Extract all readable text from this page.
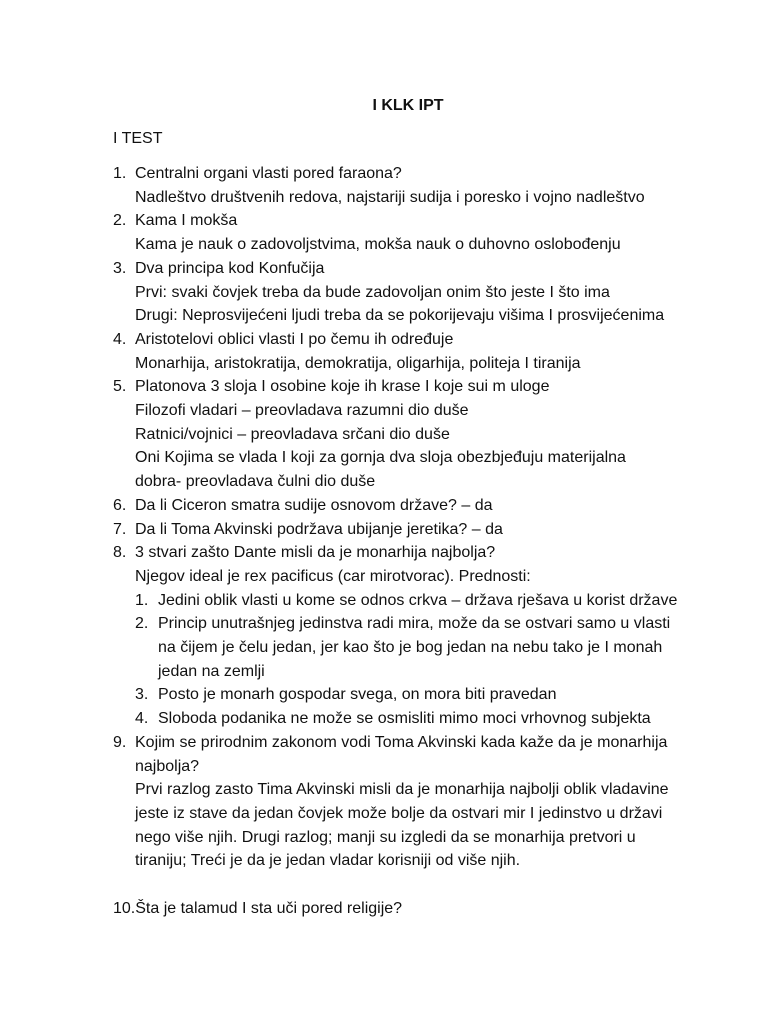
I KLK IPT
I TEST
1. Centralni organi vlasti pored faraona?
Nadleštvo društvenih redova, najstariji sudija i poresko i vojno nadleštvo
2. Kama I mokša
Kama je nauk o zadovoljstvima, mokša nauk o duhovno oslobođenju
3. Dva principa kod Konfučija
Prvi: svaki čovjek treba da bude zadovoljan onim što jeste I što ima
Drugi: Neprosvijećeni ljudi treba da se pokorijevaju višima I prosvijećenima
4. Aristotelovi oblici vlasti I po čemu ih određuje
Monarhija, aristokratija, demokratija, oligarhija, politeja I tiranija
5. Platonova 3 sloja I osobine koje ih krase I koje sui m uloge
Filozofi vladari – preovladava razumni dio duše
Ratnici/vojnici – preovladava srčani dio duše
Oni Kojima se vlada I koji za gornja dva sloja obezbjeđuju materijalna
dobra- preovladava čulni dio duše
6. Da li Ciceron smatra sudije osnovom države? – da
7. Da li Toma Akvinski podržava ubijanje jeretika? – da
8. 3 stvari zašto Dante misli da je monarhija najbolja?
Njegov ideal je rex pacificus (car mirotvorac). Prednosti:
1. Jedini oblik vlasti u kome se odnos crkva – država rješava u korist države
2. Princip unutrašnjeg jedinstva radi mira, može da se ostvari samo u vlasti
na čijem je čelu jedan, jer kao što je bog jedan na nebu tako je I monah
jedan na zemlji
3. Posto je monarh gospodar svega, on mora biti pravedan
4. Sloboda podanika ne može se osmisliti mimo moci vrhovnog subjekta
9. Kojim se prirodnim zakonom vodi Toma Akvinski kada kaže da je monarhija
najbolja?
Prvi razlog zasto Tima Akvinski misli da je monarhija najbolji oblik vladavine
jeste iz stave da jedan čovjek može bolje da ostvari mir I jedinstvo u državi
nego više njih. Drugi razlog; manji su izgledi da se monarhija pretvori u
tiraniju; Treći je da je jedan vladar korisniji od više njih.
10.Šta je talamud I sta uči pored religije?
